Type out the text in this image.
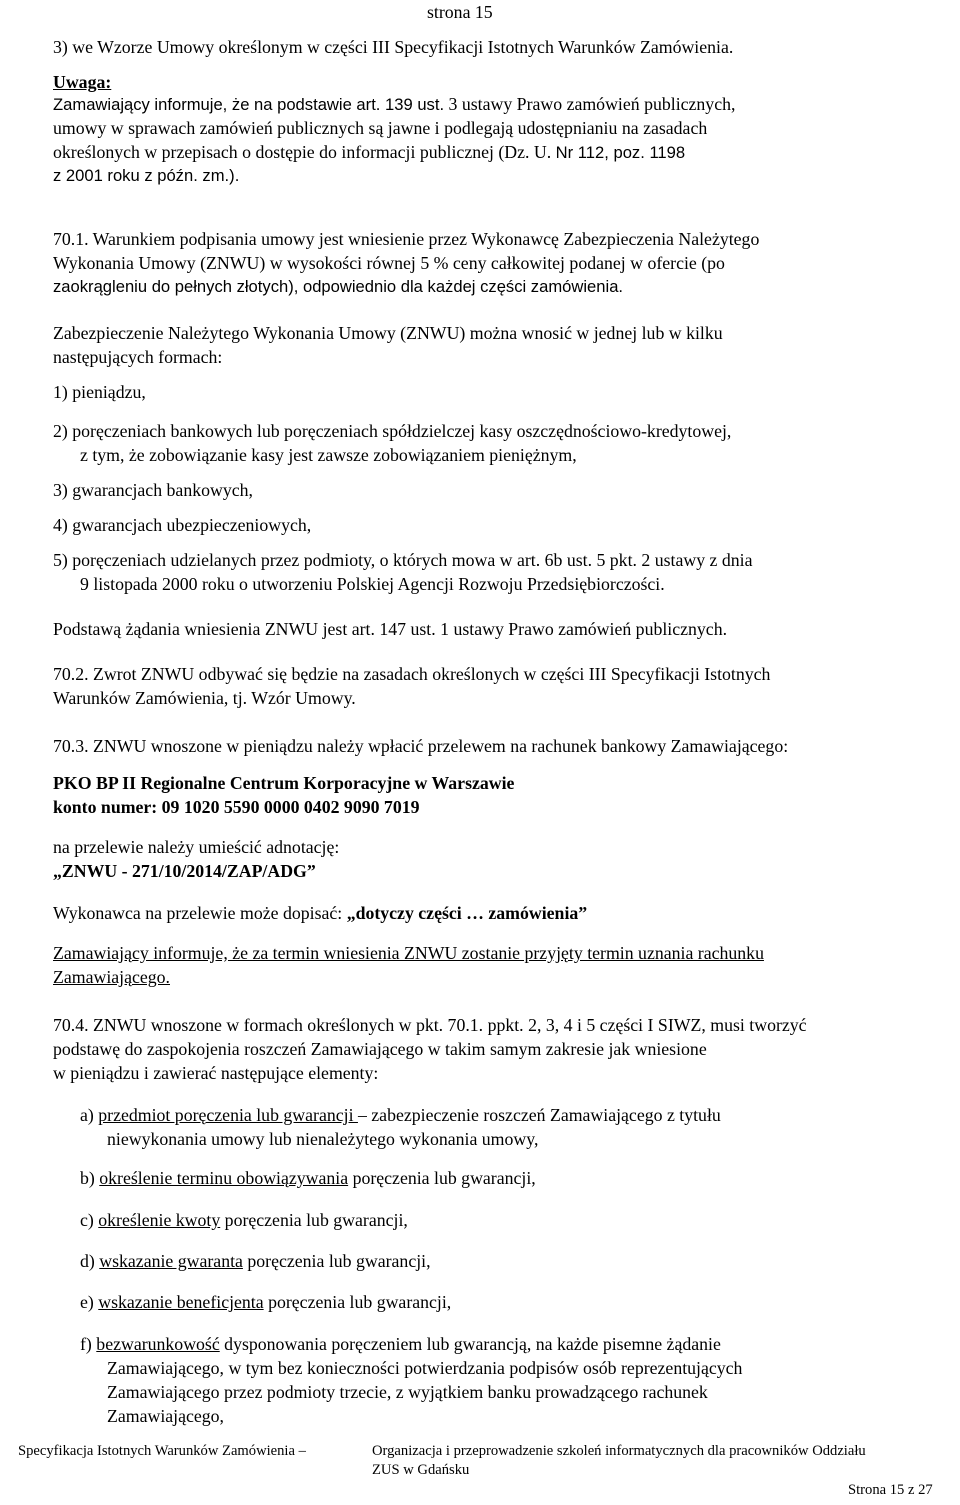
strona 15
3) we Wzorze Umowy określonym w części III Specyfikacji Istotnych Warunków Zamówienia.
Uwaga:
Zamawiający informuje, że na podstawie art. 139 ust. 3 ustawy Prawo zamówień publicznych,
umowy w sprawach zamówień publicznych są jawne i podlegają udostępnianiu na zasadach
określonych w przepisach o dostępie do informacji publicznej (Dz. U. Nr 112, poz. 1198
z 2001 roku z późn. zm.).
70.1. Warunkiem podpisania umowy jest wniesienie przez Wykonawcę Zabezpieczenia Należytego
Wykonania Umowy (ZNWU) w wysokości równej 5 % ceny całkowitej podanej w ofercie (po
zaokrągleniu do pełnych złotych), odpowiednio dla każdej części zamówienia.
Zabezpieczenie Należytego Wykonania Umowy (ZNWU) można wnosić w jednej lub w kilku
następujących formach:
1) pieniądzu,
2) poręczeniach bankowych lub poręczeniach spółdzielczej kasy oszczędnościowo-kredytowej,
z tym, że zobowiązanie kasy jest zawsze zobowiązaniem pieniężnym,
3) gwarancjach bankowych,
4) gwarancjach ubezpieczeniowych,
5) poręczeniach udzielanych przez podmioty, o których mowa w art. 6b ust. 5 pkt. 2 ustawy z dnia
9 listopada 2000 roku o utworzeniu Polskiej Agencji Rozwoju Przedsiębiorczości.
Podstawą żądania wniesienia ZNWU jest art. 147 ust. 1 ustawy Prawo zamówień publicznych.
70.2. Zwrot ZNWU odbywać się będzie na zasadach określonych w części III Specyfikacji Istotnych
Warunków Zamówienia, tj. Wzór Umowy.
70.3. ZNWU wnoszone w pieniądzu należy wpłacić przelewem na rachunek bankowy Zamawiającego:
PKO BP II Regionalne Centrum Korporacyjne w Warszawie
konto numer: 09 1020 5590 0000 0402 9090 7019
na przelewie należy umieścić adnotację:
„ZNWU - 271/10/2014/ZAP/ADG”
Wykonawca na przelewie może dopisać: „dotyczy części … zamówienia”
Zamawiający informuje, że za termin wniesienia ZNWU zostanie przyjęty termin uznania rachunku
Zamawiającego.
70.4. ZNWU wnoszone w formach określonych w pkt. 70.1. ppkt. 2, 3, 4 i 5 części I SIWZ, musi tworzyć
podstawę do zaspokojenia roszczeń Zamawiającego w takim samym zakresie jak wniesione
w pieniądzu i zawierać następujące elementy:
a) przedmiot poręczenia lub gwarancji – zabezpieczenie roszczeń Zamawiającego z tytułu
niewykonania umowy lub nienależytego wykonania umowy,
b) określenie terminu obowiązywania poręczenia lub gwarancji,
c) określenie kwoty poręczenia lub gwarancji,
d) wskazanie gwaranta poręczenia lub gwarancji,
e) wskazanie beneficjenta poręczenia lub gwarancji,
f) bezwarunkowość dysponowania poręczeniem lub gwarancją, na każde pisemne żądanie
Zamawiającego, w tym bez konieczności potwierdzania podpisów osób reprezentujących
Zamawiającego przez podmioty trzecie, z wyjątkiem banku prowadzącego rachunek
Zamawiającego,
Specyfikacja Istotnych Warunków Zamówienia –	Organizacja i przeprowadzenie szkoleń informatycznych dla pracowników Oddziału
ZUS w Gdańsku
Strona 15 z 27
